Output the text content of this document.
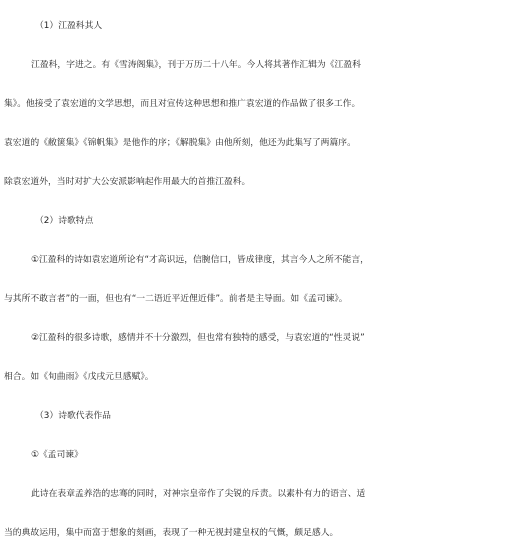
（1）江盈科其人
江盈科，字进之。有《雪涛阁集》，刊于万历二十八年。今人将其著作汇辑为《江盈科
集》。他接受了袁宏道的文学思想，而且对宣传这种思想和推广袁宏道的作品做了很多工作。
袁宏道的《敝箧集》《锦帆集》是他作的序；《解脱集》由他所刻，他还为此集写了两篇序。
除袁宏道外，当时对扩大公安派影响起作用最大的首推江盈科。
（2）诗歌特点
①江盈科的诗如袁宏道所论有“才高识远，信腕信口，皆成律度，其言今人之所不能言，
与其所不敢言者”的一面，但也有“一二语近平近俚近俳”。前者是主导面。如《孟司谏》。
②江盈科的很多诗歌，感情并不十分激烈，但也常有独特的感受，与袁宏道的“性灵说”
相合。如《旬曲雨》《戊戌元旦感赋》。
（3）诗歌代表作品
①《孟司谏》
此诗在表章孟养浩的忠骞的同时，对神宗皇帝作了尖锐的斥责。以素朴有力的语言、适
当的典故运用，集中而富于想象的刻画，表现了一种无视封建皇权的气慨，颇足感人。
